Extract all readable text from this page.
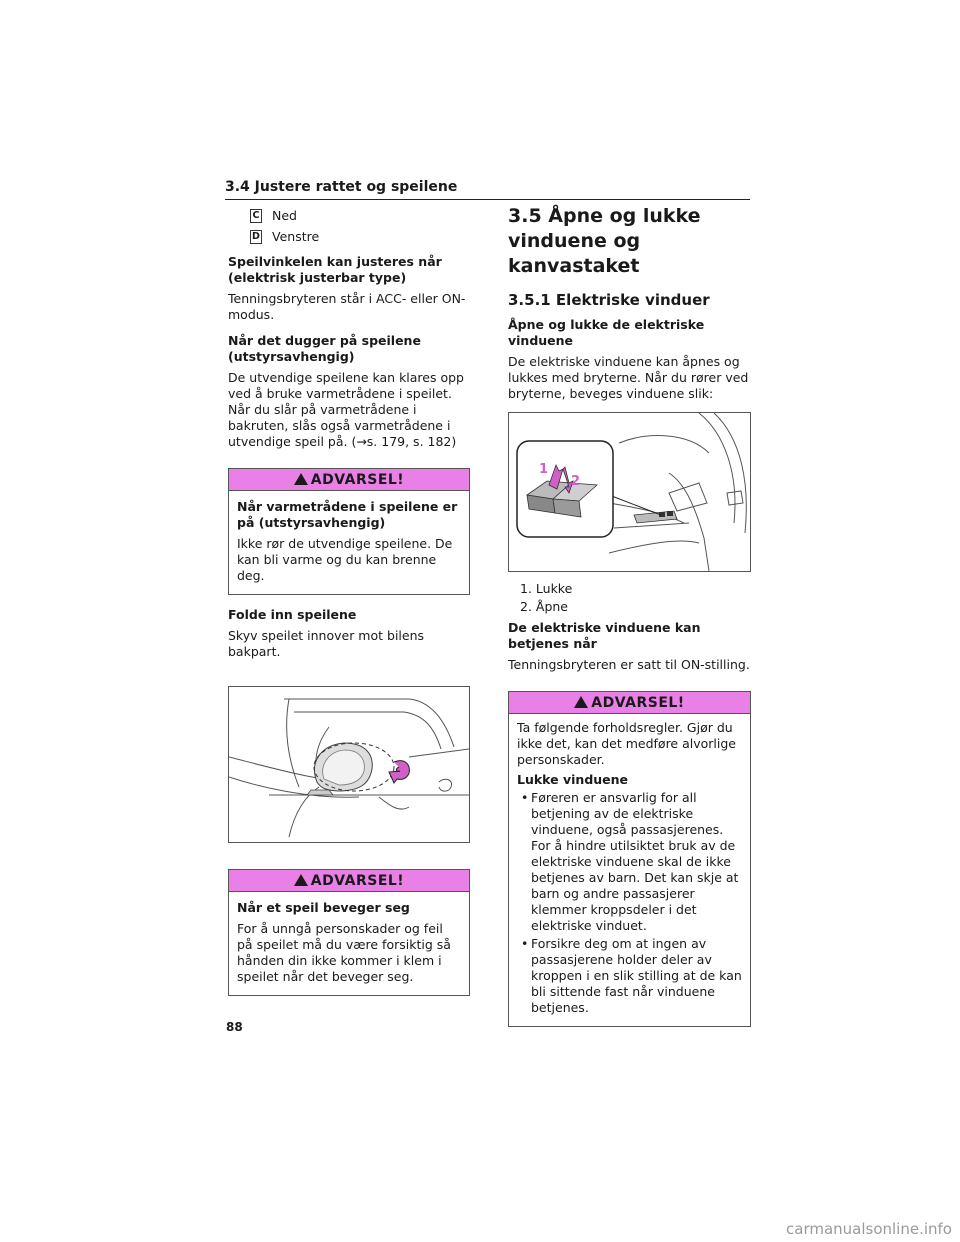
3.4 Justere rattet og speilene
C Ned
D Venstre
Speilvinkelen kan justeres når (elektrisk justerbar type)

Tenningsbryteren står i ACC- eller ON-modus.

Når det dugger på speilene (utstyrsavhengig)

De utvendige speilene kan klares opp ved å bruke varmetrådene i speilet. Når du slår på varmetrådene i bakruten, slås også varmetrådene i utvendige speil på. (→s. 179, s. 182)

ADVARSEL!
Når varmetrådene i speilene er på (utstyrsavhengig)

Ikke rør de utvendige speilene. De kan bli varme og du kan brenne deg.

Folde inn speilene

Skyv speilet innover mot bilens bakpart.

ADVARSEL!
Når et speil beveger seg

For å unngå personskader og feil på speilet må du være forsiktig så hånden din ikke kommer i klem i speilet når det beveger seg.

3.5 Åpne og lukke vinduene og kanvastaket
3.5.1 Elektriske vinduer
Åpne og lukke de elektriske vinduene

De elektriske vinduene kan åpnes og lukkes med bryterne. Når du rører ved bryterne, beveges vinduene slik:

1
2
1. Lukke
2. Åpne
De elektriske vinduene kan betjenes når

Tenningsbryteren er satt til ON-stilling.

ADVARSEL!

Ta følgende forholdsregler. Gjør du ikke det, kan det medføre alvorlige personskader.

Lukke vinduene
• Føreren er ansvarlig for all betjening av de elektriske vinduene, også passasjerenes. For å hindre utilsiktet bruk av de elektriske vinduene skal de ikke betjenes av barn. Det kan skje at barn og andre passasjerer klemmer kroppsdeler i det elektriske vinduet.
• Forsikre deg om at ingen av passasjerene holder deler av kroppen i en slik stilling at de kan bli sittende fast når vinduene betjenes.
88
carmanualsonline.info
